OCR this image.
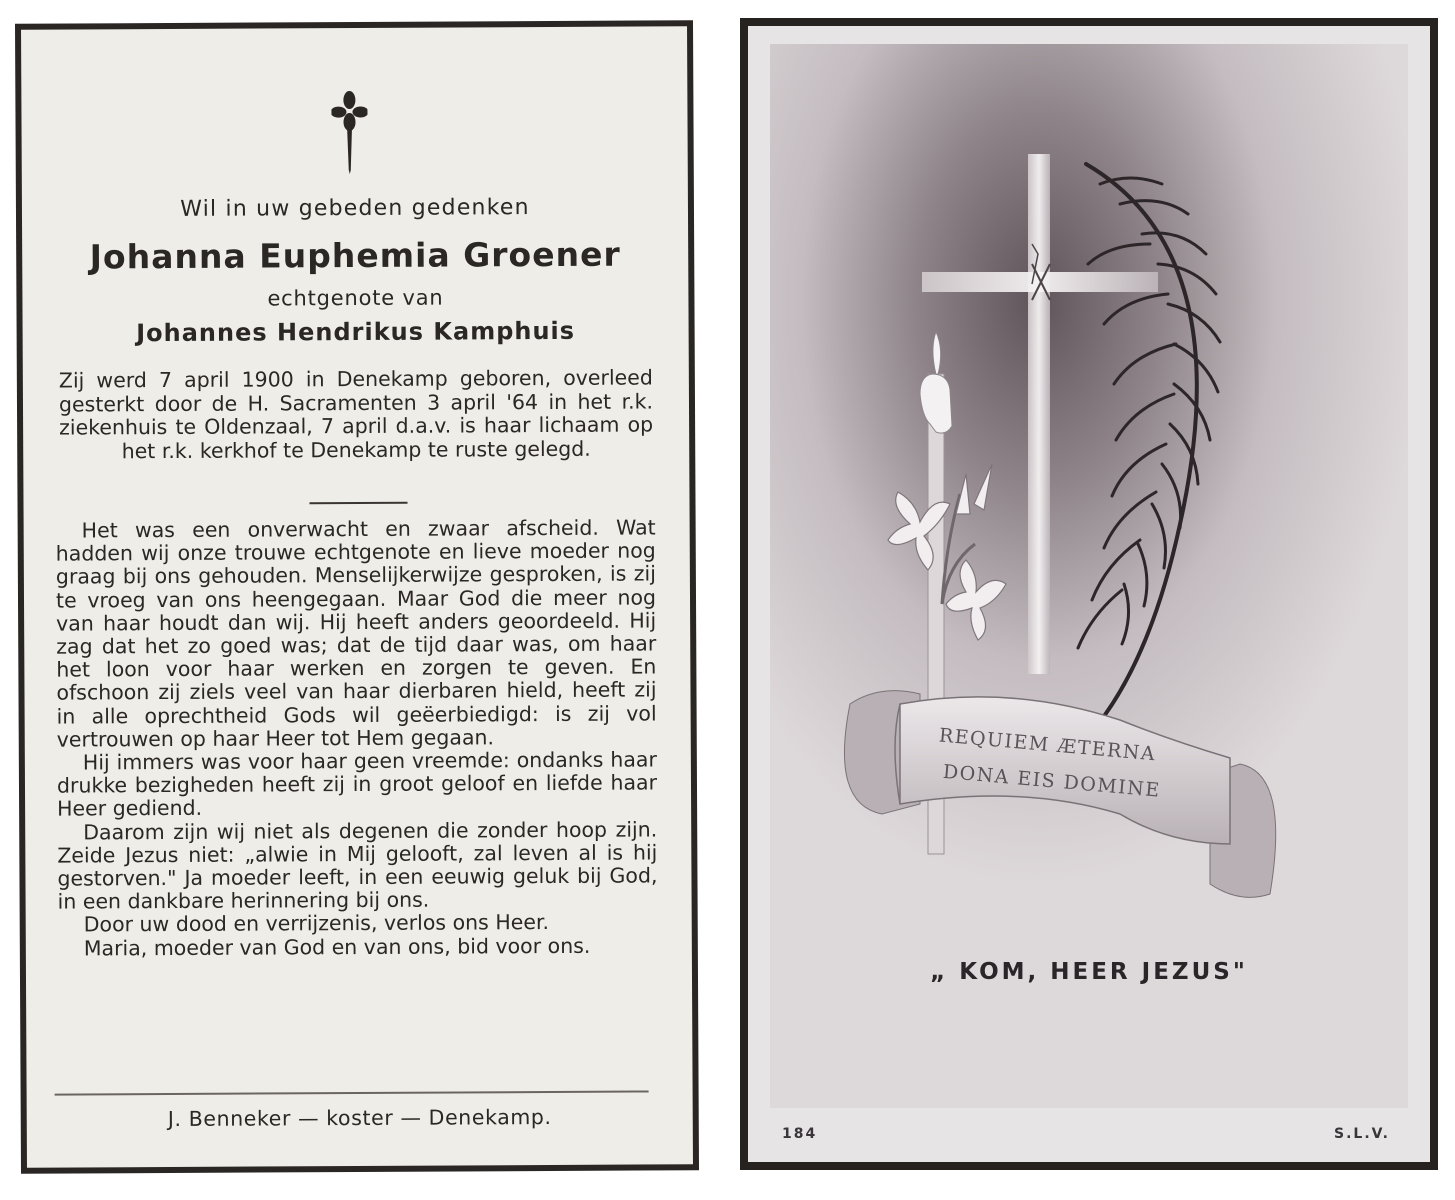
Wil in uw gebeden gedenken
Johanna Euphemia Groener
echtgenote van
Johannes Hendrikus Kamphuis
Zij werd 7 april 1900 in Denekamp geboren, overleed gesterkt door de H. Sacramenten 3 april '64 in het r.k. ziekenhuis te Oldenzaal, 7 april d.a.v. is haar lichaam op het r.k. kerkhof te Denekamp te ruste gelegd.

Het was een onverwacht en zwaar afscheid. Wat hadden wij onze trouwe echtgenote en lieve moeder nog graag bij ons gehouden. Menselijkerwijze gesproken, is zij te vroeg van ons heengegaan. Maar God die meer nog van haar houdt dan wij. Hij heeft anders geoordeeld. Hij zag dat het zo goed was; dat de tijd daar was, om haar het loon voor haar werken en zorgen te geven. En ofschoon zij ziels veel van haar dierbaren hield, heeft zij in alle oprechtheid Gods wil geëerbiedigd: is zij vol vertrouwen op haar Heer tot Hem gegaan.

Hij immers was voor haar geen vreemde: ondanks haar drukke bezigheden heeft zij in groot geloof en liefde haar Heer gediend.

Daarom zijn wij niet als degenen die zonder hoop zijn. Zeide Jezus niet: „alwie in Mij gelooft, zal leven al is hij gestorven." Ja moeder leeft, in een eeuwig geluk bij God, in een dankbare herinnering bij ons.

Door uw dood en verrijzenis, verlos ons Heer.

Maria, moeder van God en van ons, bid voor ons.

J. Benneker — koster — Denekamp.
REQUIEM ÆTERNA
DONA EIS DOMINE
„ KOM, HEER JEZUS"
184	S.L.V.
